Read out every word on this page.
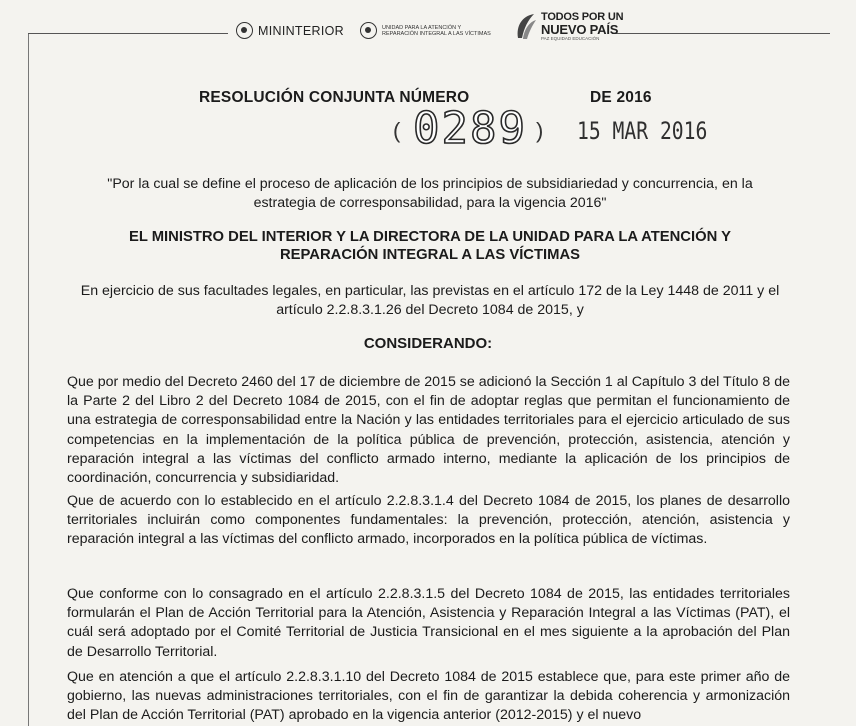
MININTERIOR	UNIDAD PARA LA ATENCIÓN Y REPARACIÓN INTEGRAL A LAS VÍCTIMAS
TODOS POR UN
NUEVO PAÍS
PAZ EQUIDAD EDUCACIÓN
RESOLUCIÓN CONJUNTA NÚMERO	DE 2016
( 0289 ) 15 MAR 2016
"Por la cual se define el proceso de aplicación de los principios de subsidiariedad y concurrencia, en la estrategia de corresponsabilidad, para la vigencia 2016"
EL MINISTRO DEL INTERIOR Y LA DIRECTORA DE LA UNIDAD PARA LA ATENCIÓN Y REPARACIÓN INTEGRAL A LAS VÍCTIMAS
En ejercicio de sus facultades legales, en particular, las previstas en el artículo 172 de la Ley 1448 de 2011 y el artículo 2.2.8.3.1.26 del Decreto 1084 de 2015, y
CONSIDERANDO:

Que por medio del Decreto 2460 del 17 de diciembre de 2015 se adicionó la Sección 1 al Capítulo 3 del Título 8 de la Parte 2 del Libro 2 del Decreto 1084 de 2015, con el fin de adoptar reglas que permitan el funcionamiento de una estrategia de corresponsabilidad entre la Nación y las entidades territoriales para el ejercicio articulado de sus competencias en la implementación de la política pública de prevención, protección, asistencia, atención y reparación integral a las víctimas del conflicto armado interno, mediante la aplicación de los principios de coordinación, concurrencia y subsidiaridad.

Que de acuerdo con lo establecido en el artículo 2.2.8.3.1.4 del Decreto 1084 de 2015, los planes de desarrollo territoriales incluirán como componentes fundamentales: la prevención, protección, atención, asistencia y reparación integral a las víctimas del conflicto armado, incorporados en la política pública de víctimas.

Que conforme con lo consagrado en el artículo 2.2.8.3.1.5 del Decreto 1084 de 2015, las entidades territoriales formularán el Plan de Acción Territorial para la Atención, Asistencia y Reparación Integral a las Víctimas (PAT), el cuál será adoptado por el Comité Territorial de Justicia Transicional en el mes siguiente a la aprobación del Plan de Desarrollo Territorial.

Que en atención a que el artículo 2.2.8.3.1.10 del Decreto 1084 de 2015 establece que, para este primer año de gobierno, las nuevas administraciones territoriales, con el fin de garantizar la debida coherencia y armonización del Plan de Acción Territorial (PAT) aprobado en la vigencia anterior (2012-2015) y el nuevo
